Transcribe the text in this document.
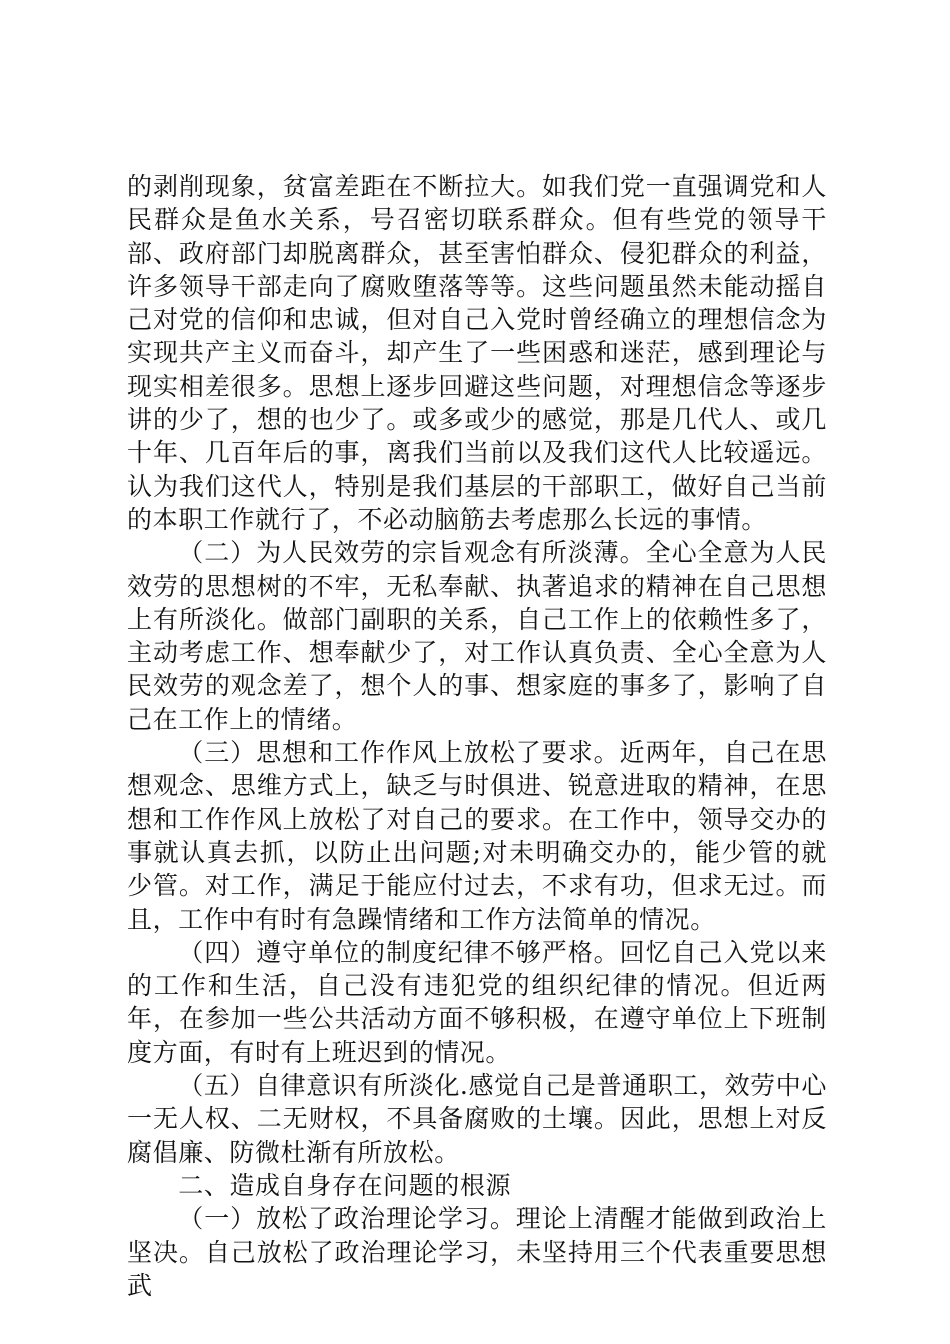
的剥削现象，贫富差距在不断拉大。如我们党一直强调党和人民群众是鱼水关系，号召密切联系群众。但有些党的领导干部、政府部门却脱离群众，甚至害怕群众、侵犯群众的利益，许多领导干部走向了腐败堕落等等。这些问题虽然未能动摇自己对党的信仰和忠诚，但对自己入党时曾经确立的理想信念为实现共产主义而奋斗，却产生了一些困惑和迷茫，感到理论与现实相差很多。思想上逐步回避这些问题，对理想信念等逐步讲的少了，想的也少了。或多或少的感觉，那是几代人、或几十年、几百年后的事，离我们当前以及我们这代人比较遥远。认为我们这代人，特别是我们基层的干部职工，做好自己当前的本职工作就行了，不必动脑筋去考虑那么长远的事情。

（二）为人民效劳的宗旨观念有所淡薄。全心全意为人民效劳的思想树的不牢，无私奉献、执著追求的精神在自己思想上有所淡化。做部门副职的关系，自己工作上的依赖性多了，主动考虑工作、想奉献少了，对工作认真负责、全心全意为人民效劳的观念差了，想个人的事、想家庭的事多了，影响了自己在工作上的情绪。

（三）思想和工作作风上放松了要求。近两年，自己在思想观念、思维方式上，缺乏与时俱进、锐意进取的精神，在思想和工作作风上放松了对自己的要求。在工作中，领导交办的事就认真去抓，以防止出问题;对未明确交办的，能少管的就少管。对工作，满足于能应付过去，不求有功，但求无过。而且，工作中有时有急躁情绪和工作方法简单的情况。

（四）遵守单位的制度纪律不够严格。回忆自己入党以来的工作和生活，自己没有违犯党的组织纪律的情况。但近两年，在参加一些公共活动方面不够积极，在遵守单位上下班制度方面，有时有上班迟到的情况。

（五）自律意识有所淡化.感觉自己是普通职工，效劳中心一无人权、二无财权，不具备腐败的土壤。因此，思想上对反腐倡廉、防微杜渐有所放松。

二、造成自身存在问题的根源

（一）放松了政治理论学习。理论上清醒才能做到政治上坚决。自己放松了政治理论学习，未坚持用三个代表重要思想武
